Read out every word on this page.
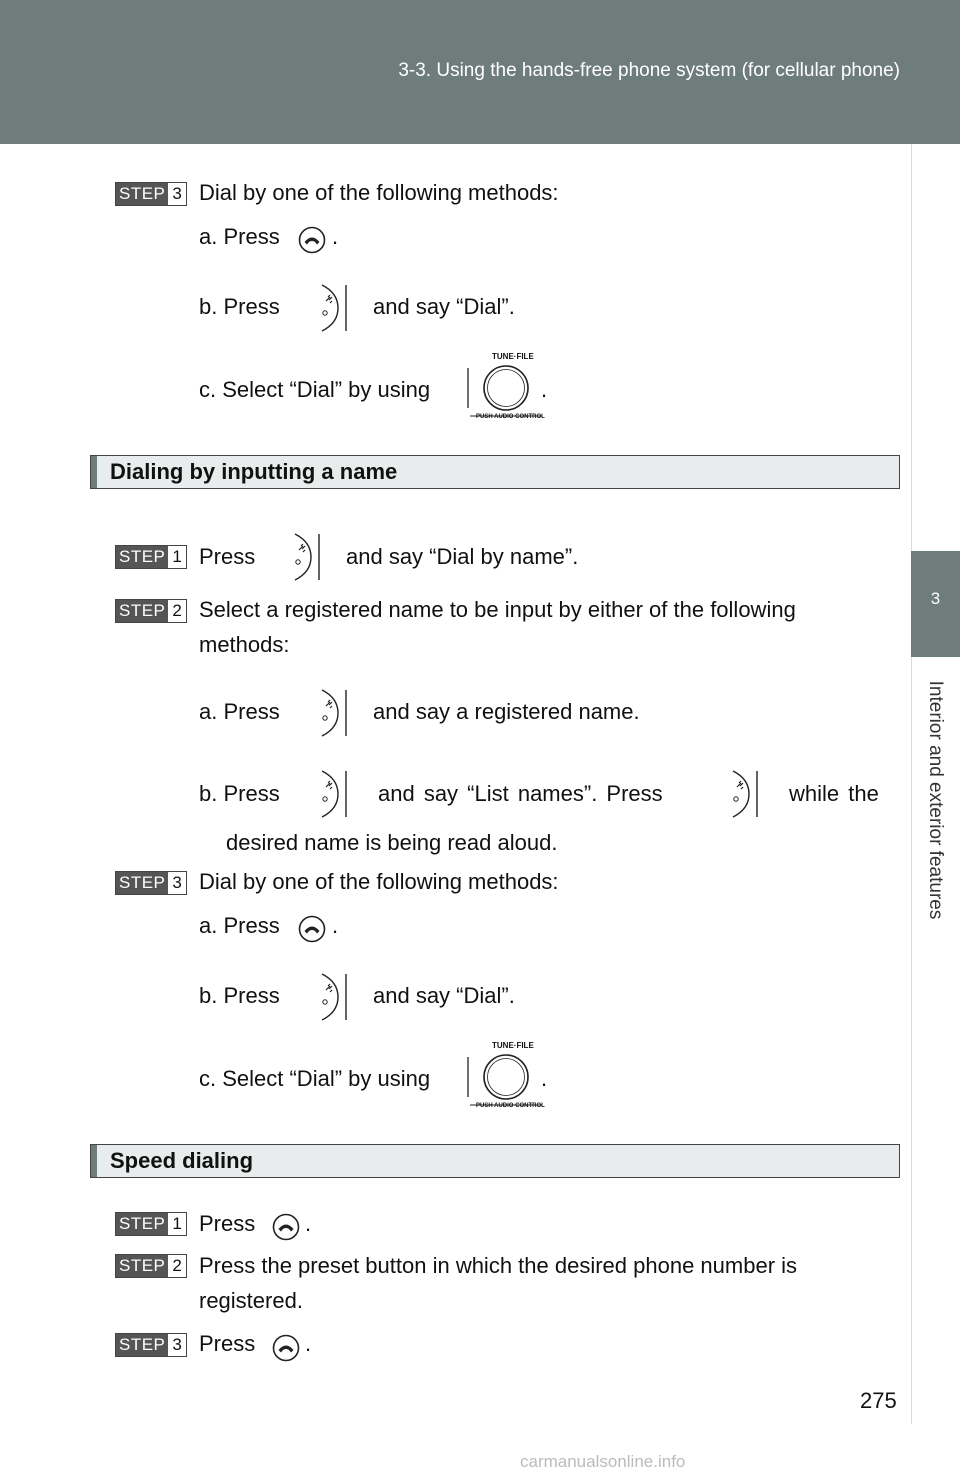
3-3. Using the hands-free phone system (for cellular phone)
3
Interior and exterior features
STEP 3 Dial by one of the following methods:
a. Press .
b. Press	and say “Dial”.
c. Select “Dial” by using
TUNE·FILE
PUSH AUDIO CONTROL
.
Dialing by inputting a name
STEP 1 Press	and say “Dial by name”.
STEP 2 Select a registered name to be input by either of the following
methods:
a. Press	and say a registered name.
b. Press	and say “List names”. Press	while the
desired name is being read aloud.
STEP 3 Dial by one of the following methods:
a. Press .
b. Press	and say “Dial”.
c. Select “Dial” by using
TUNE·FILE
PUSH AUDIO CONTROL
.
Speed dialing
STEP 1 Press .
STEP 2 Press the preset button in which the desired phone number is
registered.
STEP 3 Press .
275
carmanualsonline.info
